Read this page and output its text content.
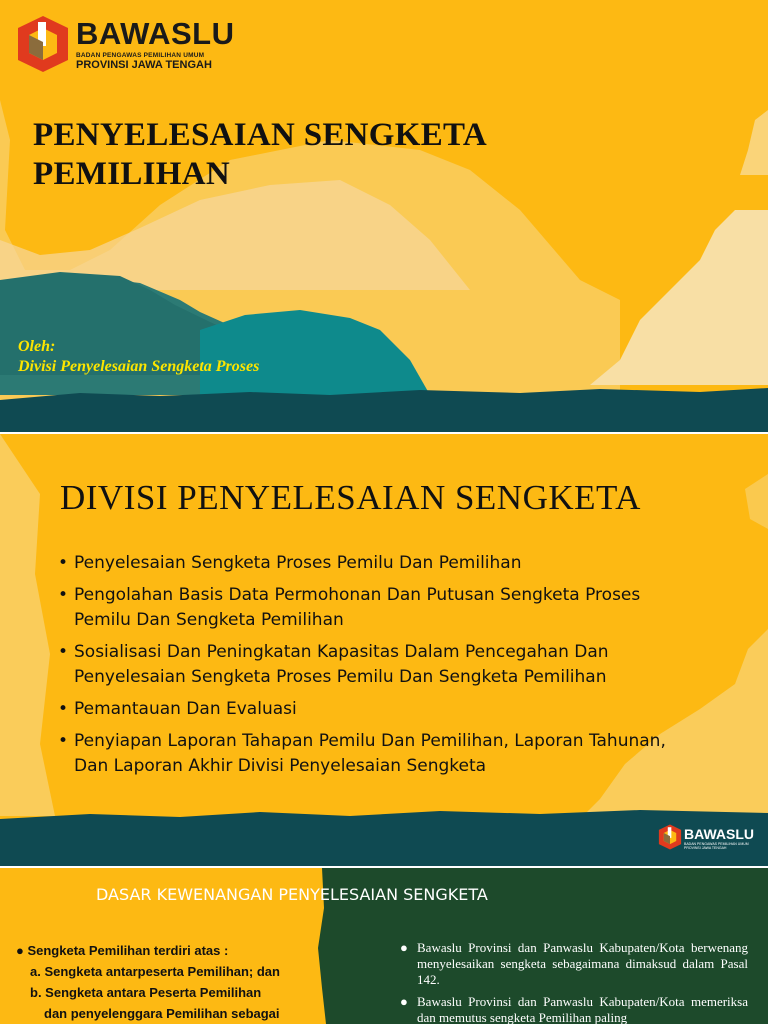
BAWASLU
BADAN PENGAWAS PEMILIHAN UMUM
PROVINSI JAWA TENGAH
PENYELESAIAN SENGKETA
PEMILIHAN
Oleh:
Divisi Penyelesaian Sengketa Proses
DIVISI PENYELESAIAN SENGKETA
• Penyelesaian Sengketa Proses Pemilu Dan Pemilihan
• Pengolahan Basis Data Permohonan Dan Putusan Sengketa Proses
Pemilu Dan Sengketa Pemilihan
• Sosialisasi Dan Peningkatan Kapasitas Dalam Pencegahan Dan
Penyelesaian Sengketa Proses Pemilu Dan Sengketa Pemilihan
• Pemantauan Dan Evaluasi
• Penyiapan Laporan Tahapan Pemilu Dan Pemilihan, Laporan Tahunan,
Dan Laporan Akhir Divisi Penyelesaian Sengketa
BAWASLU
BADAN PENGAWAS PEMILIHAN UMUM
PROVINSI JAWA TENGAH
DASAR KEWENANGAN PENYELESAIAN SENGKETA
● Sengketa Pemilihan terdiri atas :
a. Sengketa antarpeserta Pemilihan; dan
b. Sengketa antara Peserta Pemilihan
dan penyelenggara Pemilihan sebagai
● Bawaslu Provinsi dan Panwaslu Kabupaten/Kota berwenang menyelesaikan sengketa sebagaimana dimaksud dalam Pasal 142.
● Bawaslu Provinsi dan Panwaslu Kabupaten/Kota memeriksa dan memutus sengketa Pemilihan paling
